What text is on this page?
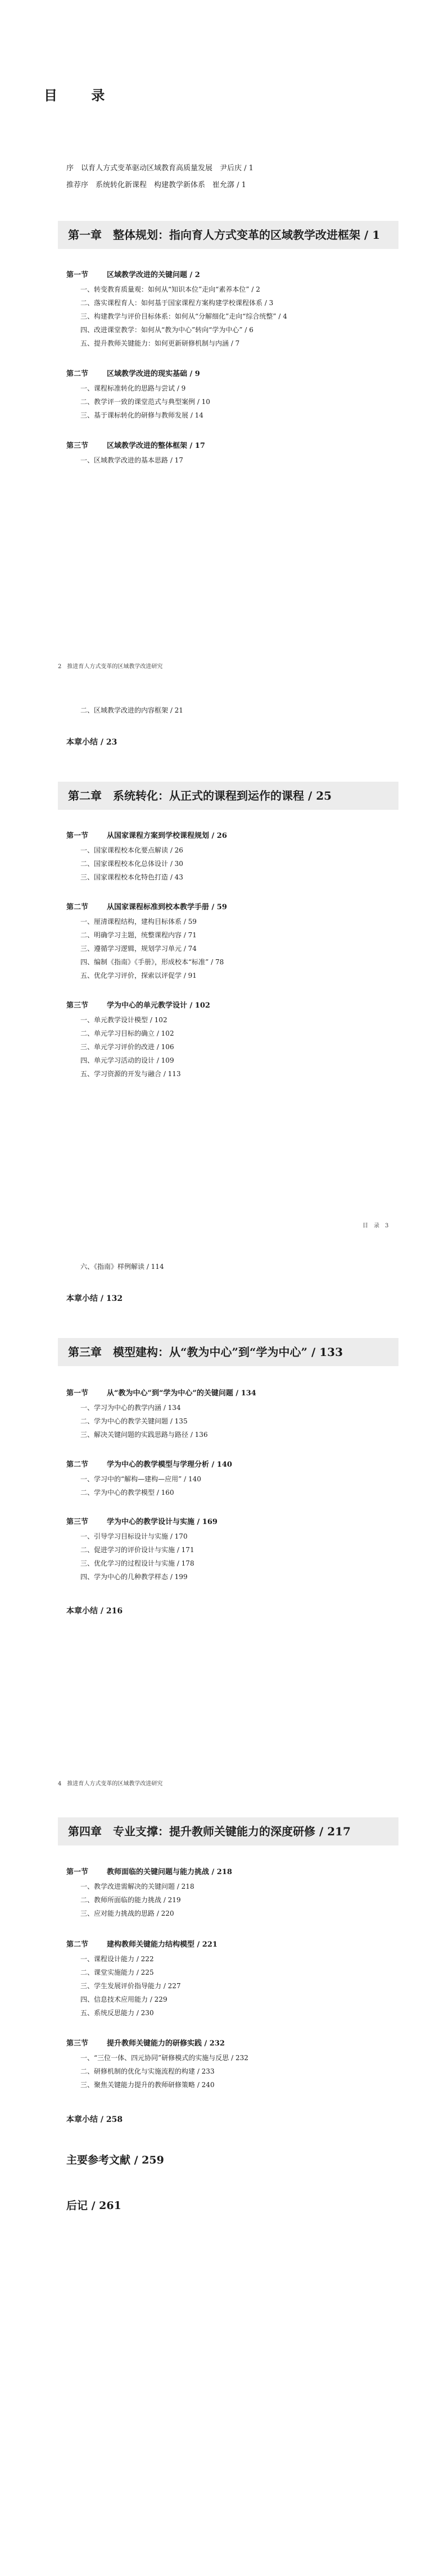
目 录
序　以育人方式变革驱动区域教育高质量发展　尹后庆 / 1
推荐序　系统转化新课程　构建教学新体系　崔允漷 / 1
第一章　整体规划：指向育人方式变革的区域教学改进框架 / 1
第一节	区域教学改进的关键问题 / 2
一、转变教育质量观：如何从“知识本位”走向“素养本位” / 2
二、落实课程育人：如何基于国家课程方案构建学校课程体系 / 3
三、构建教学与评价目标体系：如何从“分解细化”走向“综合统整” / 4
四、改进课堂教学：如何从“教为中心”转向“学为中心” / 6
五、提升教师关键能力：如何更新研修机制与内涵 / 7
第二节	区域教学改进的现实基础 / 9
一、课程标准转化的思路与尝试 / 9
二、教学评一致的课堂范式与典型案例 / 10
三、基于课标转化的研修与教师发展 / 14
第三节	区域教学改进的整体框架 / 17
一、区域教学改进的基本思路 / 17
2　推进育人方式变革的区域教学改进研究
二、区域教学改进的内容框架 / 21
本章小结 / 23
第二章　系统转化：从正式的课程到运作的课程 / 25
第一节	从国家课程方案到学校课程规划 / 26
一、国家课程校本化要点解读 / 26
二、国家课程校本化总体设计 / 30
三、国家课程校本化特色打造 / 43
第二节	从国家课程标准到校本教学手册 / 59
一、厘清课程结构，建构目标体系 / 59
二、明确学习主题，统整课程内容 / 71
三、遵循学习逻辑，规划学习单元 / 74
四、编制《指南》《手册》，形成校本“标准” / 78
五、优化学习评价，探索以评促学 / 91
第三节	学为中心的单元教学设计 / 102
一、单元教学设计模型 / 102
二、单元学习目标的确立 / 102
三、单元学习评价的改进 / 106
四、单元学习活动的设计 / 109
五、学习资源的开发与融合 / 113
目　录　3
六、《指南》样例解读 / 114
本章小结 / 132
第三章　模型建构：从“教为中心”到“学为中心” / 133
第一节	从“教为中心”到“学为中心”的关键问题 / 134
一、学习为中心的教学内涵 / 134
二、学为中心的教学关键问题 / 135
三、解决关键问题的实践思路与路径 / 136
第二节	学为中心的教学模型与学理分析 / 140
一、学习中的“解构—建构—应用” / 140
二、学为中心的教学模型 / 160
第三节	学为中心的教学设计与实施 / 169
一、引导学习目标设计与实施 / 170
二、促进学习的评价设计与实施 / 171
三、优化学习的过程设计与实施 / 178
四、学为中心的几种教学样态 / 199
本章小结 / 216
4　推进育人方式变革的区域教学改进研究
第四章　专业支撑：提升教师关键能力的深度研修 / 217
第一节	教师面临的关键问题与能力挑战 / 218
一、教学改进需解决的关键问题 / 218
二、教师所面临的能力挑战 / 219
三、应对能力挑战的思路 / 220
第二节	建构教师关键能力结构模型 / 221
一、课程设计能力 / 222
二、课堂实施能力 / 225
三、学生发展评价指导能力 / 227
四、信息技术应用能力 / 229
五、系统反思能力 / 230
第三节	提升教师关键能力的研修实践 / 232
一、“三位一体、四元协同”研修模式的实施与反思 / 232
二、研修机制的优化与实施流程的构建 / 233
三、聚焦关键能力提升的教师研修策略 / 240
本章小结 / 258
主要参考文献 / 259
后记 / 261
